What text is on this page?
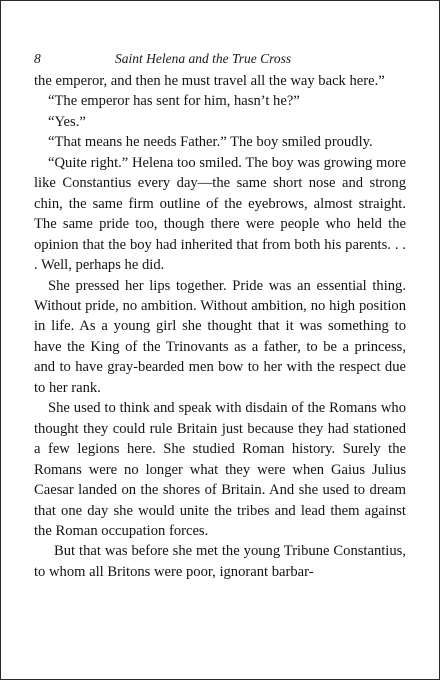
8	Saint Helena and the True Cross

the emperor, and then he must travel all the way back here.”

“The emperor has sent for him, hasn’t he?”

“Yes.”

“That means he needs Father.” The boy smiled proudly.

“Quite right.” Helena too smiled. The boy was growing more like Constantius every day—the same short nose and strong chin, the same firm outline of the eyebrows, almost straight. The same pride too, though there were people who held the opinion that the boy had inherited that from both his parents. . . . Well, perhaps he did.

She pressed her lips together. Pride was an essential thing. Without pride, no ambition. Without ambition, no high position in life. As a young girl she thought that it was something to have the King of the Trinovants as a father, to be a princess, and to have gray-bearded men bow to her with the respect due to her rank.

She used to think and speak with disdain of the Romans who thought they could rule Britain just because they had stationed a few legions here. She studied Roman history. Surely the Romans were no longer what they were when Gaius Julius Caesar landed on the shores of Britain. And she used to dream that one day she would unite the tribes and lead them against the Roman occupation forces.

But that was before she met the young Tribune Constantius, to whom all Britons were poor, ignorant barbar-
